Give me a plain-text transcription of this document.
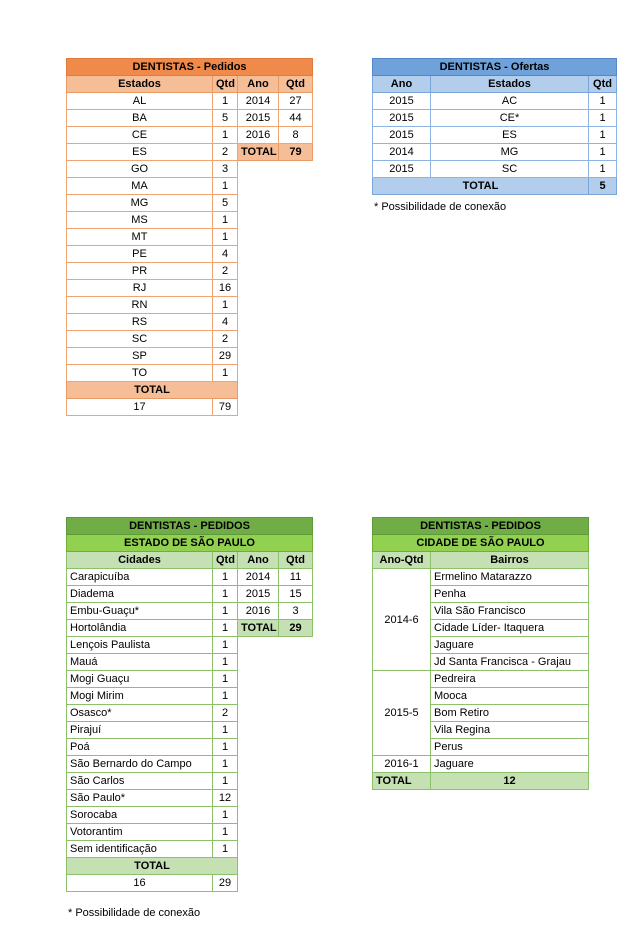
DENTISTAS - Pedidos			
Estados	Qtd	Ano	Qtd
AL	1	2014	27
BA	5	2015	44
CE	1	2016	8
ES	2	TOTAL	79
GO	3		
MA	1		
MG	5		
MS	1		
MT	1		
PE	4		
PR	2		
RJ	16		
RN	1		
RS	4		
SC	2		
SP	29		
TO	1		
TOTAL			
17	79		
DENTISTAS - Ofertas		
Ano	Estados	Qtd
2015	AC	1
2015	CE*	1
2015	ES	1
2014	MG	1
2015	SC	1
TOTAL		5
* Possibilidade de conexão
DENTISTAS - PEDIDOS			
ESTADO DE SÃO PAULO			
Cidades	Qtd	Ano	Qtd
Carapicuíba	1	2014	11
Diadema	1	2015	15
Embu-Guaçu*	1	2016	3
Hortolândia	1	TOTAL	29
Lençois Paulista	1		
Mauá	1		
Mogi Guaçu	1		
Mogi Mirim	1		
Osasco*	2		
Pirajuí	1		
Poá	1		
São Bernardo do Campo	1		
São Carlos	1		
São Paulo*	12		
Sorocaba	1		
Votorantim	1		
Sem identificação	1		
TOTAL			
16	29		
* Possibilidade de conexão
DENTISTAS - PEDIDOS	
CIDADE DE SÃO PAULO	
Ano-Qtd	Bairros
2014-6	Ermelino Matarazzo
	Penha
	Vila São Francisco
	Cidade Líder- Itaquera
	Jaguare
	Jd Santa Francisca - Grajau
2015-5	Pedreira
	Mooca
	Bom Retiro
	Vila Regina
	Perus
2016-1	Jaguare
TOTAL	12
